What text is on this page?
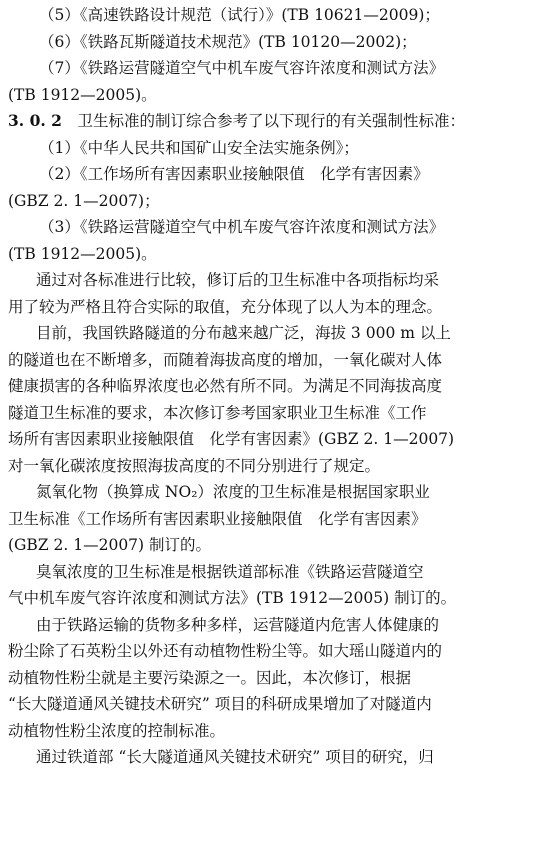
（5）《高速铁路设计规范（试行）》(TB 10621—2009)；
（6）《铁路瓦斯隧道技术规范》(TB 10120—2002)；
（7）《铁路运营隧道空气中机车废气容许浓度和测试方法》
(TB 1912—2005)。
3. 0. 2　 卫生标准的制订综合参考了以下现行的有关强制性标准：
（1）《中华人民共和国矿山安全法实施条例》；
（2）《工作场所有害因素职业接触限值　化学有害因素》
(GBZ 2. 1—2007)；
（3）《铁路运营隧道空气中机车废气容许浓度和测试方法》
(TB 1912—2005)。
通过对各标准进行比较，修订后的卫生标准中各项指标均采
用了较为严格且符合实际的取值，充分体现了以人为本的理念。
目前，我国铁路隧道的分布越来越广泛，海拔 3 000 m 以上
的隧道也在不断增多，而随着海拔高度的增加，一氧化碳对人体
健康损害的各种临界浓度也必然有所不同。为满足不同海拔高度
隧道卫生标准的要求，本次修订参考国家职业卫生标准《工作
场所有害因素职业接触限值　化学有害因素》(GBZ 2. 1—2007)
对一氧化碳浓度按照海拔高度的不同分别进行了规定。
氮氧化物（换算成 NO₂）浓度的卫生标准是根据国家职业
卫生标准《工作场所有害因素职业接触限值　化学有害因素》
(GBZ 2. 1—2007) 制订的。
臭氧浓度的卫生标准是根据铁道部标准《铁路运营隧道空
气中机车废气容许浓度和测试方法》(TB 1912—2005) 制订的。
由于铁路运输的货物多种多样，运营隧道内危害人体健康的
粉尘除了石英粉尘以外还有动植物性粉尘等。如大瑶山隧道内的
动植物性粉尘就是主要污染源之一。因此，本次修订，根据
“长大隧道通风关键技术研究” 项目的科研成果增加了对隧道内
动植物性粉尘浓度的控制标准。
通过铁道部 “长大隧道通风关键技术研究” 项目的研究，归
